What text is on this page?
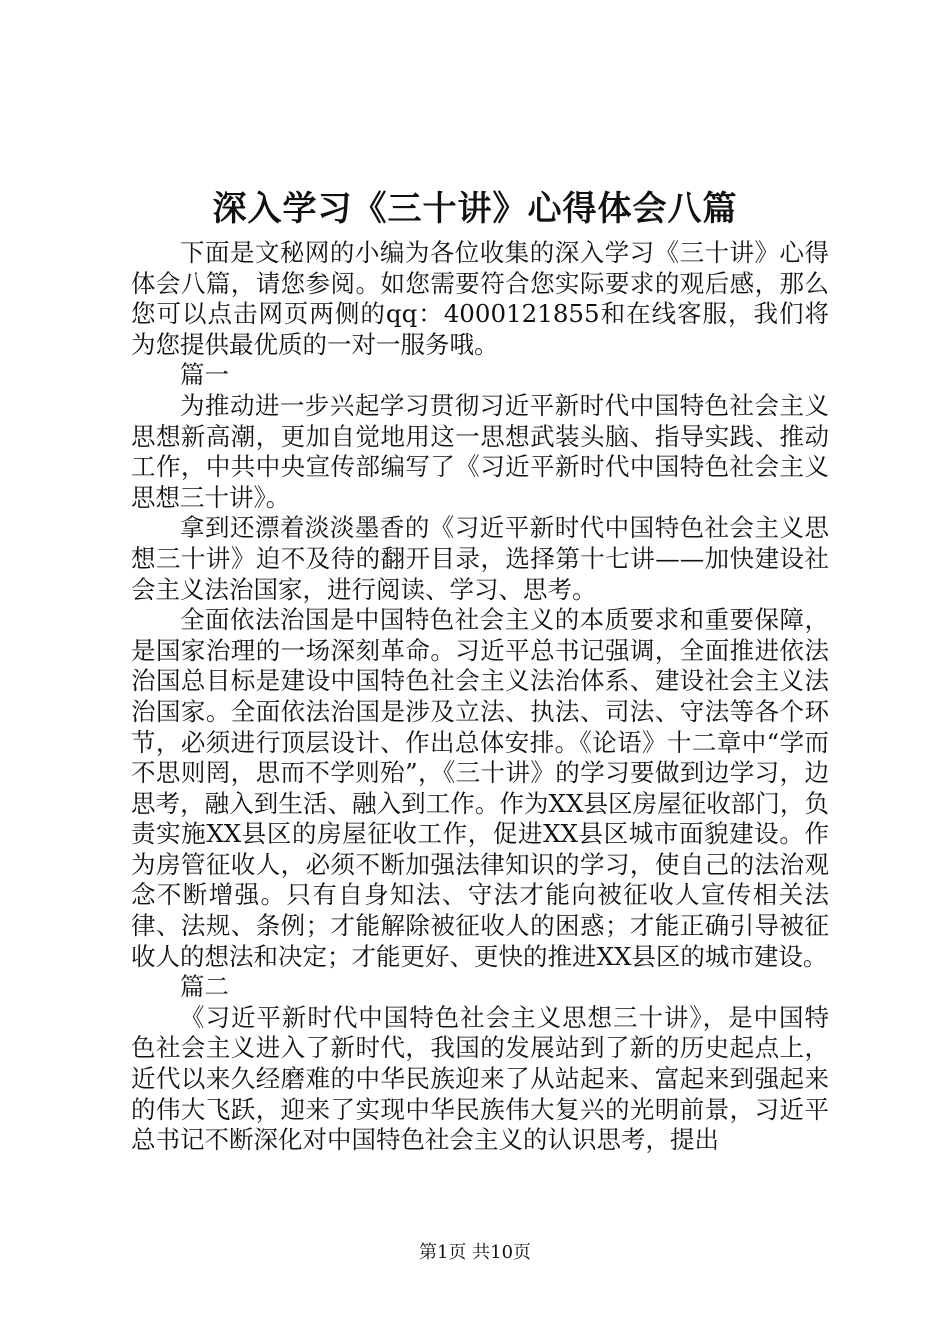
深入学习《三十讲》心得体会八篇

下面是文秘网的小编为各位收集的深入学习《三十讲》心得体会八篇，请您参阅。如您需要符合您实际要求的观后感，那么您可以点击网页两侧的qq：4000121855和在线客服，我们将为您提供最优质的一对一服务哦。

篇一

为推动进一步兴起学习贯彻习近平新时代中国特色社会主义思想新高潮，更加自觉地用这一思想武装头脑、指导实践、推动工作，中共中央宣传部编写了《习近平新时代中国特色社会主义思想三十讲》。

拿到还漂着淡淡墨香的《习近平新时代中国特色社会主义思想三十讲》迫不及待的翻开目录，选择第十七讲——加快建设社会主义法治国家，进行阅读、学习、思考。

全面依法治国是中国特色社会主义的本质要求和重要保障，是国家治理的一场深刻革命。习近平总书记强调，全面推进依法治国总目标是建设中国特色社会主义法治体系、建设社会主义法治国家。全面依法治国是涉及立法、执法、司法、守法等各个环节，必须进行顶层设计、作出总体安排。《论语》十二章中“学而不思则罔，思而不学则殆”，《三十讲》的学习要做到边学习，边思考，融入到生活、融入到工作。作为XX县区房屋征收部门，负责实施XX县区的房屋征收工作，促进XX县区城市面貌建设。作为房管征收人，必须不断加强法律知识的学习，使自己的法治观念不断增强。只有自身知法、守法才能向被征收人宣传相关法律、法规、条例；才能解除被征收人的困惑；才能正确引导被征收人的想法和决定；才能更好、更快的推进XX县区的城市建设。

篇二

《习近平新时代中国特色社会主义思想三十讲》，是中国特色社会主义进入了新时代，我国的发展站到了新的历史起点上，近代以来久经磨难的中华民族迎来了从站起来、富起来到强起来的伟大飞跃，迎来了实现中华民族伟大复兴的光明前景，习近平总书记不断深化对中国特色社会主义的认识思考，提出

第1页 共10页
